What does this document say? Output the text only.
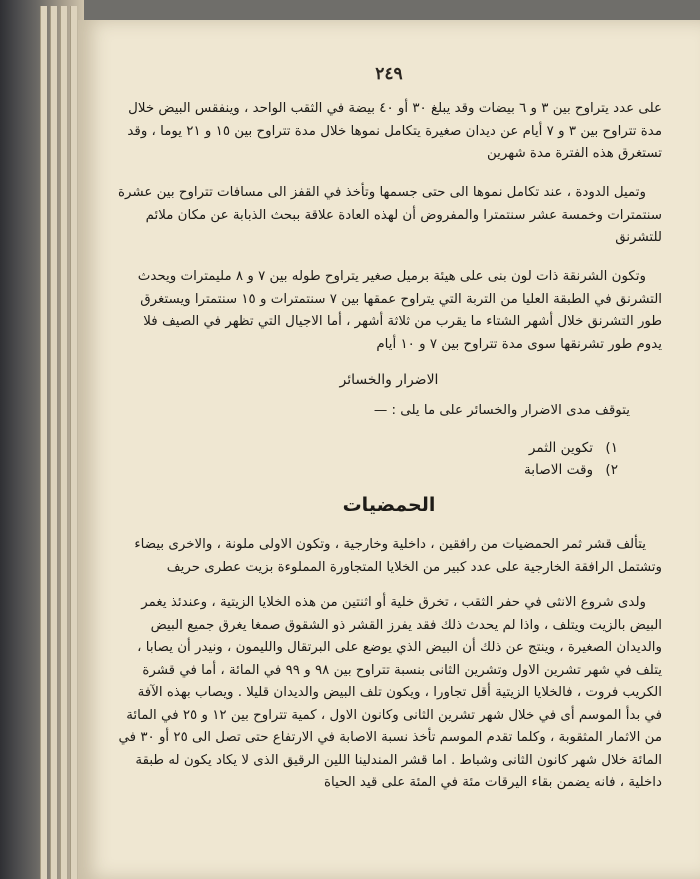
٢٤٩

على عدد يتراوح بين ٣ و ٦ بيضات وقد يبلغ ٣٠ أو ٤٠ بيضة في الثقب الواحد ، وينفقس البيض خلال مدة تتراوح بين ٣ و ٧ أيام عن ديدان صغيرة يتكامل نموها خلال مدة تتراوح بين ١٥ و ٢١ يوما ، وقد تستغرق هذه الفترة مدة شهرين

وتميل الدودة ، عند تكامل نموها الى حتى جسمها وتأخذ في القفز الى مسافات تتراوح بين عشرة سنتمترات وخمسة عشر سنتمترا والمفروض أن لهذه العادة علاقة ببحث الذبابة عن مكان ملائم للتشرنق

وتكون الشرنقة ذات لون بنى على هيئة برميل صغير يتراوح طوله بين ٧ و ٨ مليمترات ويحدث التشرنق في الطبقة العليا من التربة التي يتراوح عمقها بين ٧ سنتمترات و ١٥ سنتمترا ويستغرق طور التشرنق خلال أشهر الشتاء ما يقرب من ثلاثة أشهر ، أما الاجيال التي تظهر في الصيف فلا يدوم طور تشرنقها سوى مدة تتراوح بين ٧ و ١٠ أيام

الاضرار والخسائر

يتوقف مدى الاضرار والخسائر على ما يلى : —

١) تكوين الثمر
٢) وقت الاصابة
الحمضيات

يتألف قشر ثمر الحمضيات من رافقين ، داخلية وخارجية ، وتكون الاولى ملونة ، والاخرى بيضاء وتشتمل الرافقة الخارجية على عدد كبير من الخلايا المتجاورة المملوءة بزيت عطرى حريف

ولدى شروع الانثى في حفر الثقب ، تخرق خلية أو اثنتين من هذه الخلايا الزيتية ، وعندئذ يغمر البيض بالزيت ويتلف ، واذا لم يحدث ذلك فقد يفرز القشر ذو الشقوق صمغا يغرق جميع البيض والديدان الصغيرة ، وينتج عن ذلك أن البيض الذي يوضع على البرتقال والليمون ، ونيدر أن يصابا ، يتلف في شهر تشرين الاول وتشرين الثانى بنسبة تتراوح بين ٩٨ و ٩٩ في المائة ، أما في قشرة الكريب فروت ، فالخلايا الزيتية أقل تجاورا ، ويكون تلف البيض والديدان قليلا . ويصاب بهذه الآفة في بدأ الموسم أى في خلال شهر تشرين الثانى وكانون الاول ، كمية تتراوح بين ١٢ و ٢٥ في المائة من الاثمار المثقوبة ، وكلما تقدم الموسم تأخذ نسبة الاصابة في الارتفاع حتى تصل الى ٢٥ أو ٣٠ في المائة خلال شهر كانون الثانى وشباط . اما قشر المندلينا اللين الرقيق الذى لا يكاد يكون له طبقة داخلية ، فانه يضمن بقاء اليرقات مئة في المئة على قيد الحياة
